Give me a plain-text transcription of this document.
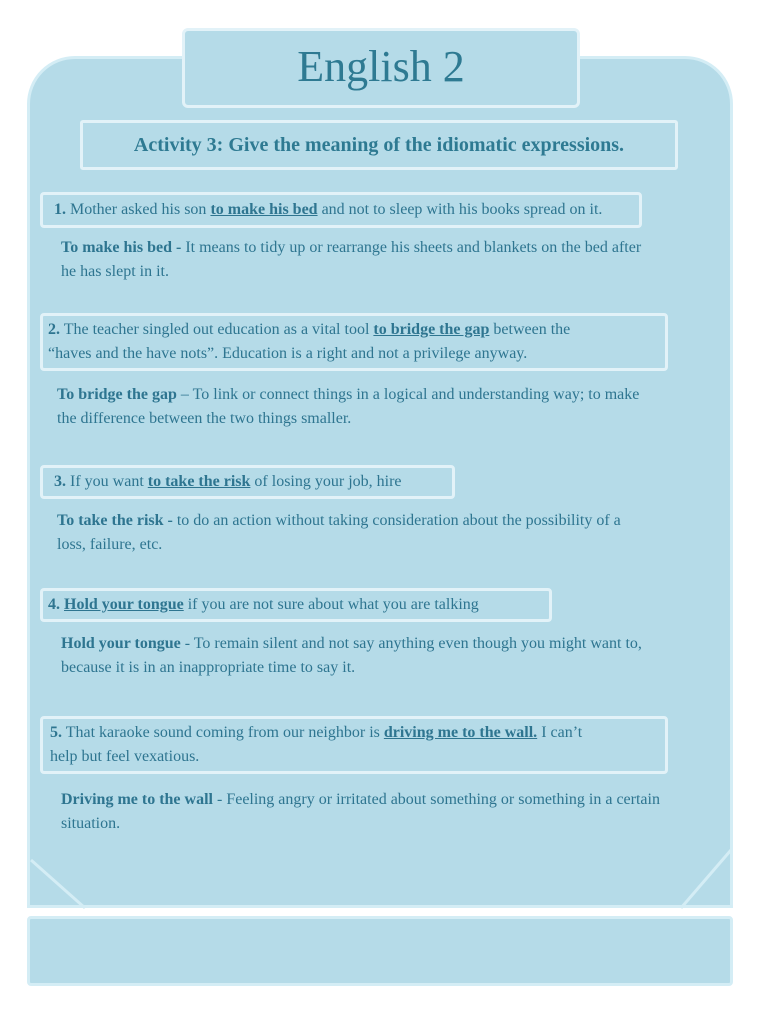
English 2
Activity 3: Give the meaning of the idiomatic expressions.
1. Mother asked his son to make his bed and not to sleep with his books spread on it.
To make his bed - It means to tidy up or rearrange his sheets and blankets on the bed after
he has slept in it.
2. The teacher singled out education as a vital tool to bridge the gap between the
“haves and the have nots”. Education is a right and not a privilege anyway.
To bridge the gap – To link or connect things in a logical and understanding way; to make
the difference between the two things smaller.
3. If you want to take the risk of losing your job, hire
To take the risk - to do an action without taking consideration about the possibility of a
loss, failure, etc.
4. Hold your tongue if you are not sure about what you are talking
Hold your tongue - To remain silent and not say anything even though you might want to,
because it is in an inappropriate time to say it.
5. That karaoke sound coming from our neighbor is driving me to the wall. I can’t
help but feel vexatious.
Driving me to the wall - Feeling angry or irritated about something or something in a certain
situation.
